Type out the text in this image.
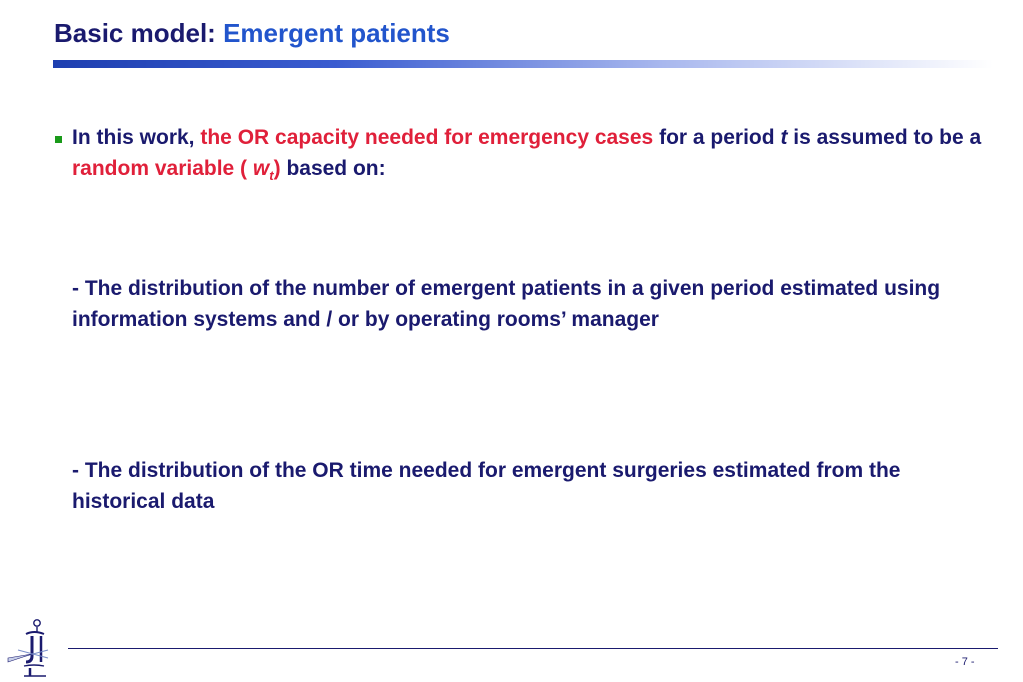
Basic model: Emergent patients
In this work, the OR capacity needed for emergency cases for a period t is assumed to be a random variable ( $w_t$) based on:
- The distribution of the number of emergent patients in a given period estimated using information systems and / or by operating rooms’ manager
- The distribution of the OR time needed for emergent surgeries estimated from the historical data
- 7 -
